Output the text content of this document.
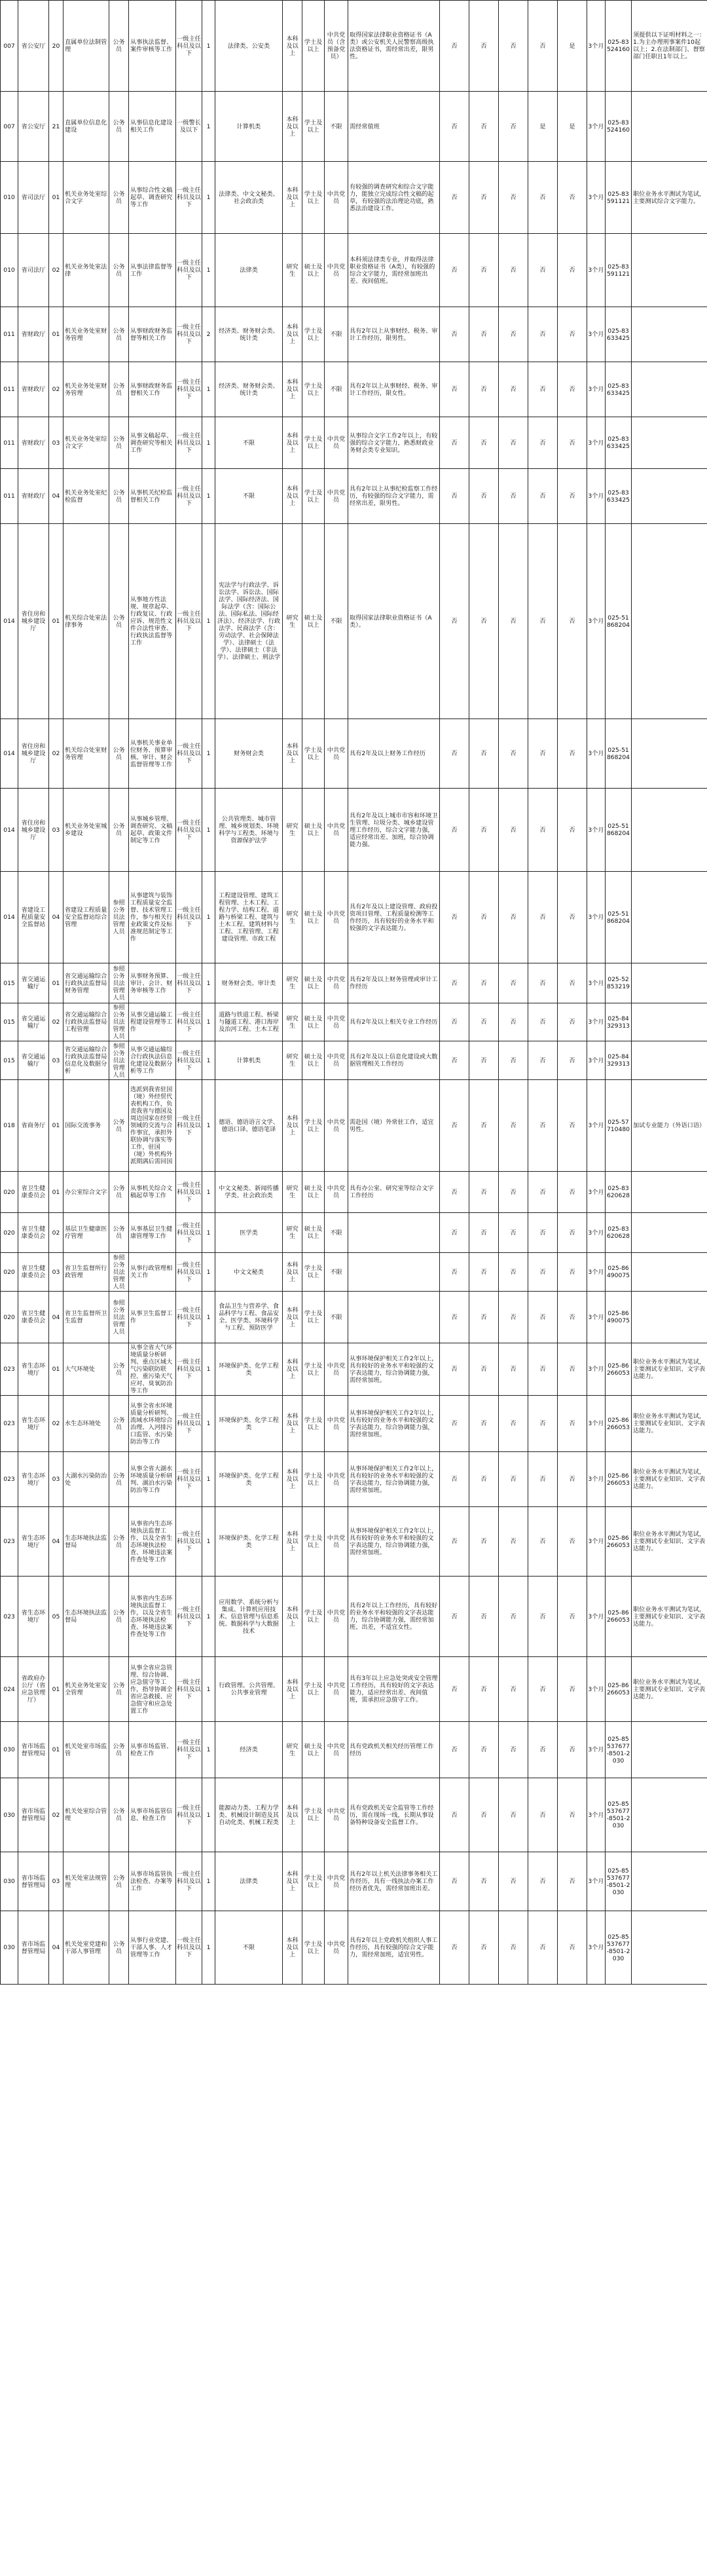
007	省公安厅	20	直属单位法制管理	公务员	从事执法监督、案件审核等工作	一级主任科员及以下	1	法律类、公安类	本科及以上	学士及以上	中共党员（含预备党员）	取得国家法律职业资格证书（A类）或公安机关人民警察高级执法资格证书，需经常出差，限男性。	否	否	否	否	是	3个月	025-83524160	须提供以下证明材料之一：1.为主办理刑事案件10起以上；2.在法制部门、督察部门任职且1年以上。
007	省公安厅	21	直属单位信息化建设	公务员	从事信息化建设相关工作	一级警长及以下	1	计算机类	本科及以上	学士及以上	不限	需经常值班	否	否	否	是	是	3个月	025-83524160	
010	省司法厅	01	机关业务处室综合文字	公务员	从事综合性文稿起草、调查研究等工作	一级主任科员及以下	1	法律类、中文文秘类、社会政治类	本科及以上	学士及以上	中共党员	有较强的调查研究和综合文字能力，能独立完成综合性文稿的起草，有较强的法治理论功底，熟悉法治建设工作。	否	否	否	否	否	3个月	025-83591121	职位业务水平测试为笔试，主要测试综合文字能力。
010	省司法厅	02	机关业务处室法律	公务员	从事法律监督等工作	一级主任科员及以下	1	法律类	研究生	硕士及以上	中共党员	本科须法律类专业，并取得法律职业资格证书（A类），有较强的综合文字能力，需经常加班出差、夜间值班。	否	否	否	否	否	3个月	025-83591121	
011	省财政厅	01	机关业务处室财务管理	公务员	从事财政财务监督等相关工作	一级主任科员及以下	2	经济类、财务财会类、统计类	本科及以上	学士及以上	不限	具有2年以上从事财经、税务、审计工作经历，限男性。	否	否	否	否	否	3个月	025-83633425	
011	省财政厅	02	机关业务处室财务管理	公务员	从事财政财务监督相关工作	一级主任科员及以下	1	经济类、财务财会类、统计类	本科及以上	学士及以上	不限	具有2年以上从事财经、税务、审计工作经历，限女性。	否	否	否	否	否	3个月	025-83633425	
011	省财政厅	03	机关业务处室综合文字	公务员	从事文稿起草、调查研究等相关工作	一级主任科员及以下	1	不限	本科及以上	学士及以上	中共党员	从事综合文字工作2年以上，有较强的综合文字能力，熟悉财政业务财会类专业知识。	否	否	否	否	否	3个月	025-83633425	
011	省财政厅	04	机关业务处室纪检监督	公务员	从事机关纪检监督相关工作	一级主任科员及以下	1	不限	本科及以上	学士及以上	中共党员	具有2年以上从事纪检监察工作经历，有较强的综合文字能力，需经常出差，限男性。	否	否	否	否	否	3个月	025-83633425	
014	省住房和城乡建设厅	01	机关综合处室法律事务	公务员	从事地方性法规、规章起草、行政复议、行政应诉、规范性文件合法性审查、行政执法监督等工作	一级主任科员及以下	1	宪法学与行政法学、诉讼法学、诉讼法、国际法学、国际经济法、国际法学（含：国际公法、国际私法、国际经济法）、经济法学、行政法学、民商法学（含：劳动法学、社会保障法学）、法律硕士（法学）、法律硕士（非法学）、法律硕士、刑法学	研究生	硕士及以上	不限	取得国家法律职业资格证书（A类）。	否	否	否	否	否	3个月	025-51868204	
014	省住房和城乡建设厅	02	机关综合处室财务管理	公务员	从事机关事业单位财务、预算审核、审计、财会监督管理等工作	一级主任科员及以下	1	财务财会类	本科及以上	学士及以上	中共党员	具有2年及以上财务工作经历	否	否	否	否	否	3个月	025-51868204	
014	省住房和城乡建设厅	03	机关业务处室城乡建设	公务员	从事城乡管理、调查研究、文稿起草、政策文件制定等工作	一级主任科员及以下	1	公共管理类、城市管理、城乡规划类、环境科学与工程类、环境与资源保护法学	研究生	硕士及以上	中共党员	具有2年及以上城市市容和环境卫生管理、垃圾分类、城乡建设管理工作经历，综合文字能力强，适应经常出差、加班，综合协调能力强。	否	否	否	否	否	3个月	025-51868204	
014	省建设工程质量安全监督站	04	省建设工程质量安全监督站综合管理	参照公务员法管理人员	从事建筑与装饰工程质量安全监督、技术管理工作，参与相关行业政策文件及标准规范制定等工作	一级主任科员及以下	1	工程建设管理、建筑工程管理、土木工程、工程力学、结构工程、道路与桥梁工程、建筑与土木工程、建筑材料与工程、工程管理、工程建设管理、市政工程	研究生	硕士及以上	中共党员	具有2年及以上建设管理、政府投资项目管理、工程质量检测等工作经历，具有较好的业务水平和较强的文字表达能力。	否	否	否	否	否	3个月	025-51868204	
015	省交通运输厅	01	省交通运输综合行政执法监督局财务管理	参照公务员法管理人员	从事财务预算、审计、会计、财务审核等工作	一级主任科员及以下	1	财务财会类、审计类	研究生	硕士及以上	中共党员	具有2年及以上财务管理或审计工作经历	否	否	否	否	否	3个月	025-52853219	
015	省交通运输厅	02	省交通运输综合行政执法监督局工程管理	参照公务员法管理人员	从事交通运输工程建设管理等工作	一级主任科员及以下	1	道路与铁道工程、桥梁与隧道工程、港口海岸及治河工程、土木工程	研究生	硕士及以上	中共党员	具有2年及以上相关专业工作经历	否	否	否	否	否	3个月	025-84329313	
015	省交通运输厅	03	省交通运输综合行政执法监督局信息化及数据分析	参照公务员法管理人员	从事交通运输综合行政执法信息化建设及数据分析等工作	一级主任科员及以下	1	计算机类	研究生	硕士及以上	中共党员	具有2年及以上信息化建设或大数据管理相关工作经历	否	否	否	否	否	3个月	025-84329313	
018	省商务厅	01	国际交流事务	公务员	选派到我省驻国（境）外经贸代表机构工作，负责我省与德国及周边国家在经贸领域的交流与合作事宜，承担外联协调与落实等工作，驻国（境）外机构外派期满后需回国	一级主任科员及以下	1	德语、德语语言文学、德语口译、德语笔译	本科及以上	学士及以上	中共党员	需赴国（境）外常驻工作，适宜男性。	否	否	否	否	否	3个月	025-57710480	加试专业能力（外语口语）
020	省卫生健康委员会	01	办公室综合文字	公务员	从事机关综合文稿起草等工作	一级主任科员及以下	1	中文文秘类、新闻传播学类、社会政治类	研究生	硕士及以上	中共党员	具有办公室、研究室等综合文字工作经历	否	否	否	否	否	3个月	025-83620628	
020	省卫生健康委员会	02	基层卫生健康医疗管理	公务员	从事基层卫生健康管理等工作	一级主任科员及以下	1	医学类	研究生	硕士及以上	不限		否	否	否	否	否	3个月	025-83620628	
020	省卫生健康委员会	03	省卫生监督所行政管理	参照公务员法管理人员	从事行政管理相关工作	一级主任科员及以下	1	中文文秘类	本科及以上	学士及以上	不限		否	否	否	否	否	3个月	025-86490075	
020	省卫生健康委员会	04	省卫生监督所卫生监督	参照公务员法管理人员	从事卫生监督工作	一级主任科员及以下	1	食品卫生与营养学、食品科学与工程、食品安全、医学类、环境科学与工程、预防医学	本科及以上	学士及以上	不限		否	否	否	否	否	3个月	025-86490075	
023	省生态环境厅	01	大气环境处	公务员	从事全省大气环境质量分析研判、重点区域大气污染联防联控、重污染天气应对、臭氧防治等工作	一级主任科员及以下	1	环境保护类、化学工程类	本科及以上	学士及以上	中共党员	从事环境保护相关工作2年以上，具有较好的业务水平和较强的文字表达能力，综合协调能力强，需经常加班。	否	否	否	否	否	3个月	025-86266053	职位业务水平测试为笔试，主要测试专业知识、文字表达能力。
023	省生态环境厅	02	水生态环境处	公务员	从事全省水环境质量分析研判、流域水环境综合治理、入河排污口监管、水污染防治等工作	一级主任科员及以下	1	环境保护类、化学工程类	本科及以上	学士及以上	中共党员	从事环境保护相关工作2年以上，具有较好的业务水平和较强的文字表达能力，综合协调能力强，需经常加班。	否	否	否	否	否	3个月	025-86266053	职位业务水平测试为笔试，主要测试专业知识、文字表达能力。
023	省生态环境厅	03	大湖水污染防治处	公务员	从事全省大湖水环境质量分析研判、湖泊水污染防治等工作	一级主任科员及以下	1	环境保护类、化学工程类	本科及以上	学士及以上	中共党员	从事环境保护相关工作2年以上，具有较好的业务水平和较强的文字表达能力，综合协调能力强，需经常加班。	否	否	否	否	否	3个月	025-86266053	职位业务水平测试为笔试，主要测试专业知识、文字表达能力。
023	省生态环境厅	04	生态环境执法监督局	公务员	从事省内生态环境执法监督工作，以及全省生态环境执法检查、环境违法案件查处等工作	一级主任科员及以下	1	环境保护类、化学工程类	本科及以上	学士及以上	中共党员	从事环境保护相关工作2年以上，具有较好的业务水平和较强的文字表达能力，综合协调能力强，需经常加班。	否	否	否	否	否	3个月	025-86266053	职位业务水平测试为笔试，主要测试专业知识、文字表达能力。
023	省生态环境厅	05	生态环境执法监督局	公务员	从事省内生态环境执法监督工作，以及全省生态环境执法检查、环境违法案件查处等工作	一级主任科员及以下	1	应用数学、系统分析与集成、计算机应用技术、信息管理与信息系统、数据科学与大数据技术	本科及以上	学士及以上	中共党员	具有2年以上工作经历，具有较好的业务水平和较强的文字表达能力，综合协调能力强，需经常加班、出差，不适宜女性。	否	否	否	否	否	3个月	025-86266053	职位业务水平测试为笔试，主要测试专业知识、文字表达能力。
024	省政府办公厅（省应急管理厅）	01	机关业务处室安全管理	公务员	从事全省应急管理、综合协调、应急值守等工作，指导协调全省应急救援、应急值守和应急处置工作	一级主任科员及以下	1	行政管理、公共管理、公共事业管理	本科及以上	学士及以上	中共党员	具有3年以上应急处突或安全管理工作经历，具有较好的文字表达能力，适应经常出差、夜间值班，需承担应急值守工作。	否	否	否	否	否	3个月	025-86266053	职位业务水平测试为笔试，主要测试专业知识、文字表达能力。
030	省市场监督管理局	01	机关处室市场监管	公务员	从事市场监管、检查工作	一级主任科员及以下	1	经济类	研究生	硕士及以上	中共党员	具有党政机关相关经历管理工作经历	否	否	否	否	否	3个月	025-85537677-8501-2030	
030	省市场监督管理局	02	机关处室综合管理	公务员	从事市场监管信息、检查工作	一级主任科员及以下	1	能源动力类、工程力学类、机械设计制造及其自动化类、机械工程类	本科及以上	学士及以上	中共党员	具有党政机关安全监管等工作经历，需在现场一线，长期从事设备特种设备安全监督工作。	否	否	否	否	否	3个月	025-85537677-8501-2030	
030	省市场监督管理局	03	机关处室法规管理	公务员	从事市场监管执法检查、办案等工作	一级主任科员及以下	1	法律类	本科及以上	学士及以上	中共党员	具有2年以上机关法律事务相关工作经历，具有一线执法办案工作经历者优先，需经常加班出差。	否	否	否	否	否	3个月	025-85537677-8501-2030	
030	省市场监督管理局	04	机关处室党建和干部人事管理	公务员	从事行业党建、干部人事、人才管理等工作	一级主任科员及以下	1	不限	本科及以上	学士及以上	中共党员	具有2年以上党政机关组织人事工作经历，具有较强的综合文字能力，需经常加班，适宜男性。	否	否	否	否	否	3个月	025-85537677-8501-2030	
